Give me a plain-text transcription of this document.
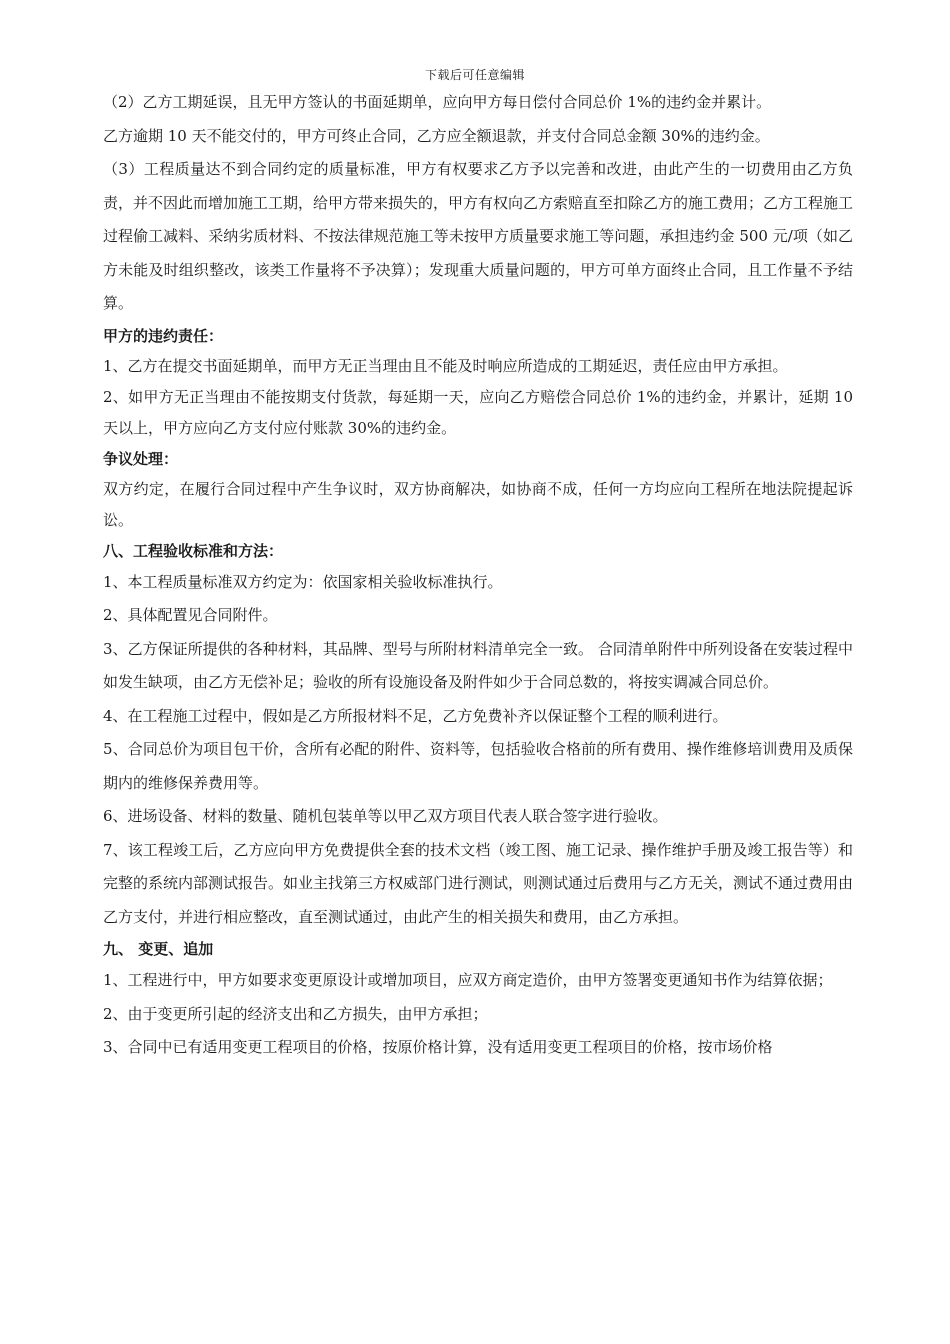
下载后可任意编辑

（2）乙方工期延误，且无甲方签认的书面延期单，应向甲方每日偿付合同总价 1%的违约金并累计。

乙方逾期 10 天不能交付的，甲方可终止合同，乙方应全额退款，并支付合同总金额 30%的违约金。

（3）工程质量达不到合同约定的质量标准，甲方有权要求乙方予以完善和改进，由此产生的一切费用由乙方负责，并不因此而增加施工工期，给甲方带来损失的，甲方有权向乙方索赔直至扣除乙方的施工费用；乙方工程施工过程偷工减料、采纳劣质材料、不按法律规范施工等未按甲方质量要求施工等问题，承担违约金 500 元/项（如乙方未能及时组织整改，该类工作量将不予决算）；发现重大质量问题的，甲方可单方面终止合同，且工作量不予结算。

甲方的违约责任：

1、乙方在提交书面延期单，而甲方无正当理由且不能及时响应所造成的工期延迟，责任应由甲方承担。

2、如甲方无正当理由不能按期支付货款，每延期一天，应向乙方赔偿合同总价 1%的违约金，并累计，延期 10 天以上，甲方应向乙方支付应付账款 30%的违约金。

争议处理：

双方约定，在履行合同过程中产生争议时，双方协商解决，如协商不成，任何一方均应向工程所在地法院提起诉讼。

八、工程验收标准和方法：

1、本工程质量标准双方约定为：依国家相关验收标准执行。

2、具体配置见合同附件。

3、乙方保证所提供的各种材料，其品牌、型号与所附材料清单完全一致。 合同清单附件中所列设备在安装过程中如发生缺项，由乙方无偿补足；验收的所有设施设备及附件如少于合同总数的，将按实调减合同总价。

4、在工程施工过程中，假如是乙方所报材料不足，乙方免费补齐以保证整个工程的顺利进行。

5、合同总价为项目包干价，含所有必配的附件、资料等，包括验收合格前的所有费用、操作维修培训费用及质保期内的维修保养费用等。

6、进场设备、材料的数量、随机包装单等以甲乙双方项目代表人联合签字进行验收。

7、该工程竣工后，乙方应向甲方免费提供全套的技术文档（竣工图、施工记录、操作维护手册及竣工报告等）和完整的系统内部测试报告。如业主找第三方权威部门进行测试，则测试通过后费用与乙方无关，测试不通过费用由乙方支付，并进行相应整改，直至测试通过，由此产生的相关损失和费用，由乙方承担。

九、 变更、追加

1、工程进行中，甲方如要求变更原设计或增加项目，应双方商定造价，由甲方签署变更通知书作为结算依据；

2、由于变更所引起的经济支出和乙方损失，由甲方承担；

3、合同中已有适用变更工程项目的价格，按原价格计算，没有适用变更工程项目的价格，按市场价格
